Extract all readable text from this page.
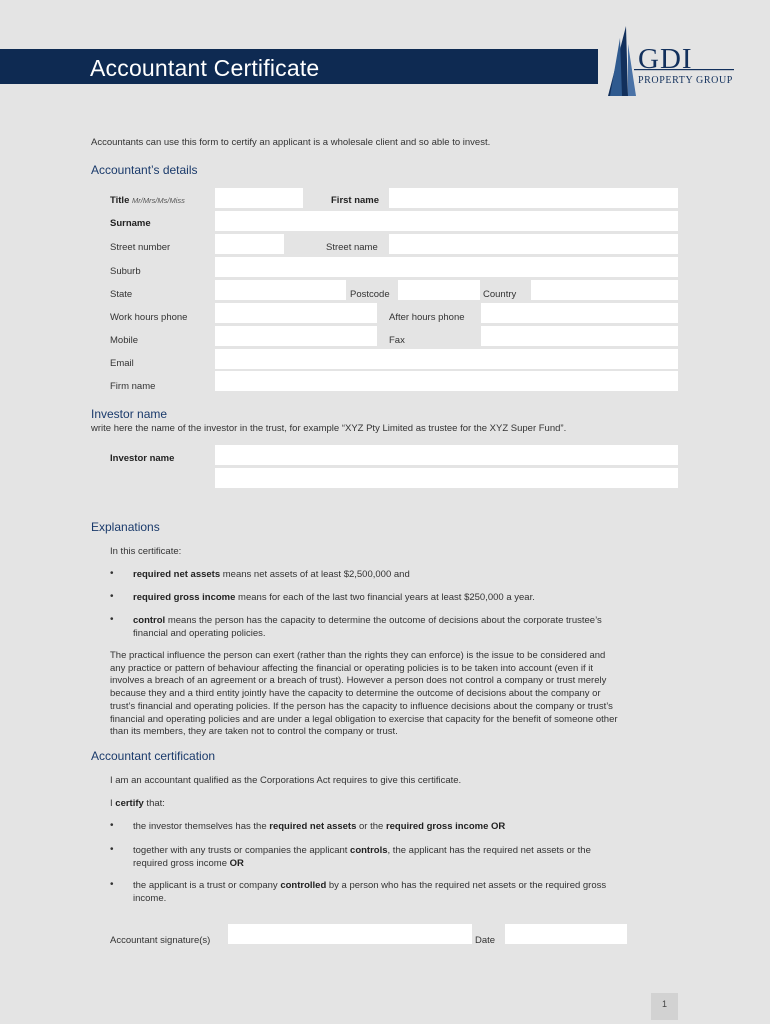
Accountant Certificate	GDI
PROPERTY GROUP
Accountants can use this form to certify an applicant is a wholesale client and so able to invest.
Accountant’s details
Title Mr/Mrs/Ms/Miss	First name
Surname
Street number	Street name
Suburb
State	Postcode	Country
Work hours phone	After hours phone
Mobile	Fax
Email
Firm name
Investor name
write here the name of the investor in the trust, for example “XYZ Pty Limited as trustee for the XYZ Super Fund”.
Investor name
Explanations
In this certificate:
• required net assets means net assets of at least $2,500,000 and
• required gross income means for each of the last two financial years at least $250,000 a year.
• control means the person has the capacity to determine the outcome of decisions about the corporate trustee’s
financial and operating policies.
The practical influence the person can exert (rather than the rights they can enforce) is the issue to be considered and
any practice or pattern of behaviour affecting the financial or operating policies is to be taken into account (even if it
involves a breach of an agreement or a breach of trust). However a person does not control a company or trust merely
because they and a third entity jointly have the capacity to determine the outcome of decisions about the company or
trust’s financial and operating policies. If the person has the capacity to influence decisions about the company or trust’s
financial and operating policies and are under a legal obligation to exercise that capacity for the benefit of someone other
than its members, they are taken not to control the company or trust.
Accountant certification
I am an accountant qualified as the Corporations Act requires to give this certificate.
I certify that:
• the investor themselves has the required net assets or the required gross income OR
• together with any trusts or companies the applicant controls, the applicant has the required net assets or the
required gross income OR
• the applicant is a trust or company controlled by a person who has the required net assets or the required gross
income.
Accountant signature(s)	Date
1
